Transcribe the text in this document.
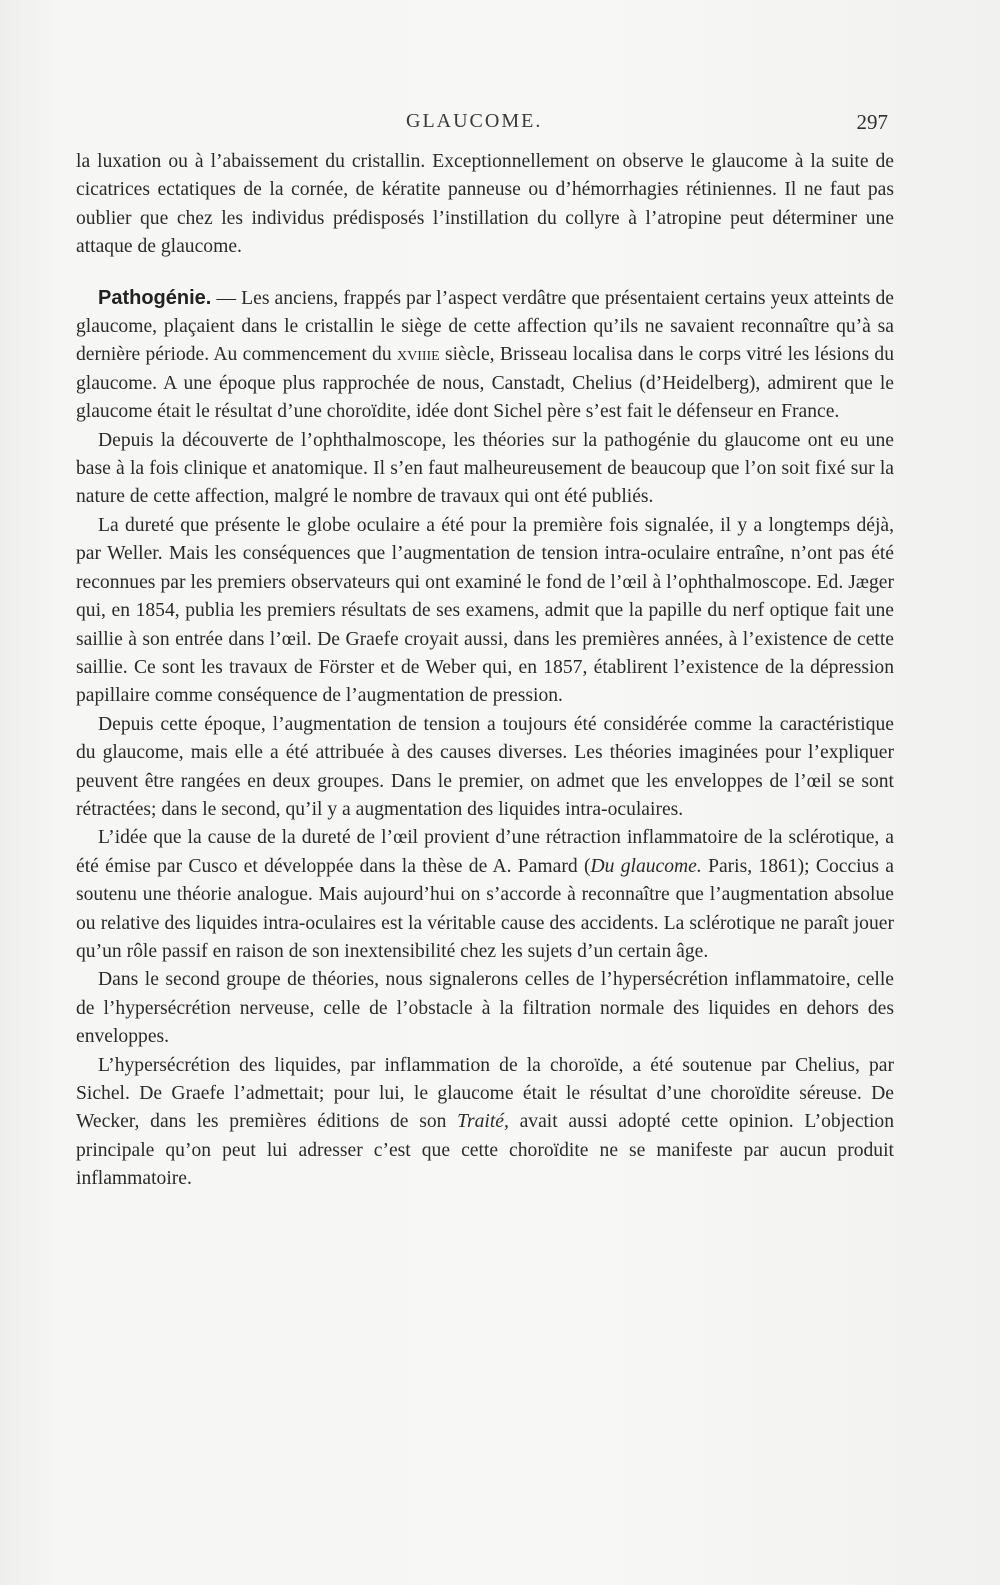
GLAUCOME.	297

la luxation ou à l’abaissement du cristallin. Exceptionnellement on observe le glaucome à la suite de cicatrices ectatiques de la cornée, de kératite panneuse ou d’hémorrhagies rétiniennes. Il ne faut pas oublier que chez les individus prédisposés l’instillation du collyre à l’atropine peut déterminer une attaque de glaucome.

Pathogénie. — Les anciens, frappés par l’aspect verdâtre que présentaient certains yeux atteints de glaucome, plaçaient dans le cristallin le siège de cette affection qu’ils ne savaient reconnaître qu’à sa dernière période. Au commencement du xviiie siècle, Brisseau localisa dans le corps vitré les lésions du glaucome. A une époque plus rapprochée de nous, Canstadt, Chelius (d’Heidelberg), admirent que le glaucome était le résultat d’une choroïdite, idée dont Sichel père s’est fait le défenseur en France.

Depuis la découverte de l’ophthalmoscope, les théories sur la pathogénie du glaucome ont eu une base à la fois clinique et anatomique. Il s’en faut malheureusement de beaucoup que l’on soit fixé sur la nature de cette affection, malgré le nombre de travaux qui ont été publiés.

La dureté que présente le globe oculaire a été pour la première fois signalée, il y a longtemps déjà, par Weller. Mais les conséquences que l’augmentation de tension intra-oculaire entraîne, n’ont pas été reconnues par les premiers observateurs qui ont examiné le fond de l’œil à l’ophthalmoscope. Ed. Jæger qui, en 1854, publia les premiers résultats de ses examens, admit que la papille du nerf optique fait une saillie à son entrée dans l’œil. De Graefe croyait aussi, dans les premières années, à l’existence de cette saillie. Ce sont les travaux de Förster et de Weber qui, en 1857, établirent l’existence de la dépression papillaire comme conséquence de l’augmentation de pression.

Depuis cette époque, l’augmentation de tension a toujours été considérée comme la caractéristique du glaucome, mais elle a été attribuée à des causes diverses. Les théories imaginées pour l’expliquer peuvent être rangées en deux groupes. Dans le premier, on admet que les enveloppes de l’œil se sont rétractées; dans le second, qu’il y a augmentation des liquides intra-oculaires.

L’idée que la cause de la dureté de l’œil provient d’une rétraction inflammatoire de la sclérotique, a été émise par Cusco et développée dans la thèse de A. Pamard (Du glaucome. Paris, 1861); Coccius a soutenu une théorie analogue. Mais aujourd’hui on s’accorde à reconnaître que l’augmentation absolue ou relative des liquides intra-oculaires est la véritable cause des accidents. La sclérotique ne paraît jouer qu’un rôle passif en raison de son inextensibilité chez les sujets d’un certain âge.

Dans le second groupe de théories, nous signalerons celles de l’hypersécrétion inflammatoire, celle de l’hypersécrétion nerveuse, celle de l’obstacle à la filtration normale des liquides en dehors des enveloppes.

L’hypersécrétion des liquides, par inflammation de la choroïde, a été soutenue par Chelius, par Sichel. De Graefe l’admettait; pour lui, le glaucome était le résultat d’une choroïdite séreuse. De Wecker, dans les premières éditions de son Traité, avait aussi adopté cette opinion. L’objection principale qu’on peut lui adresser c’est que cette choroïdite ne se manifeste par aucun produit inflammatoire.
